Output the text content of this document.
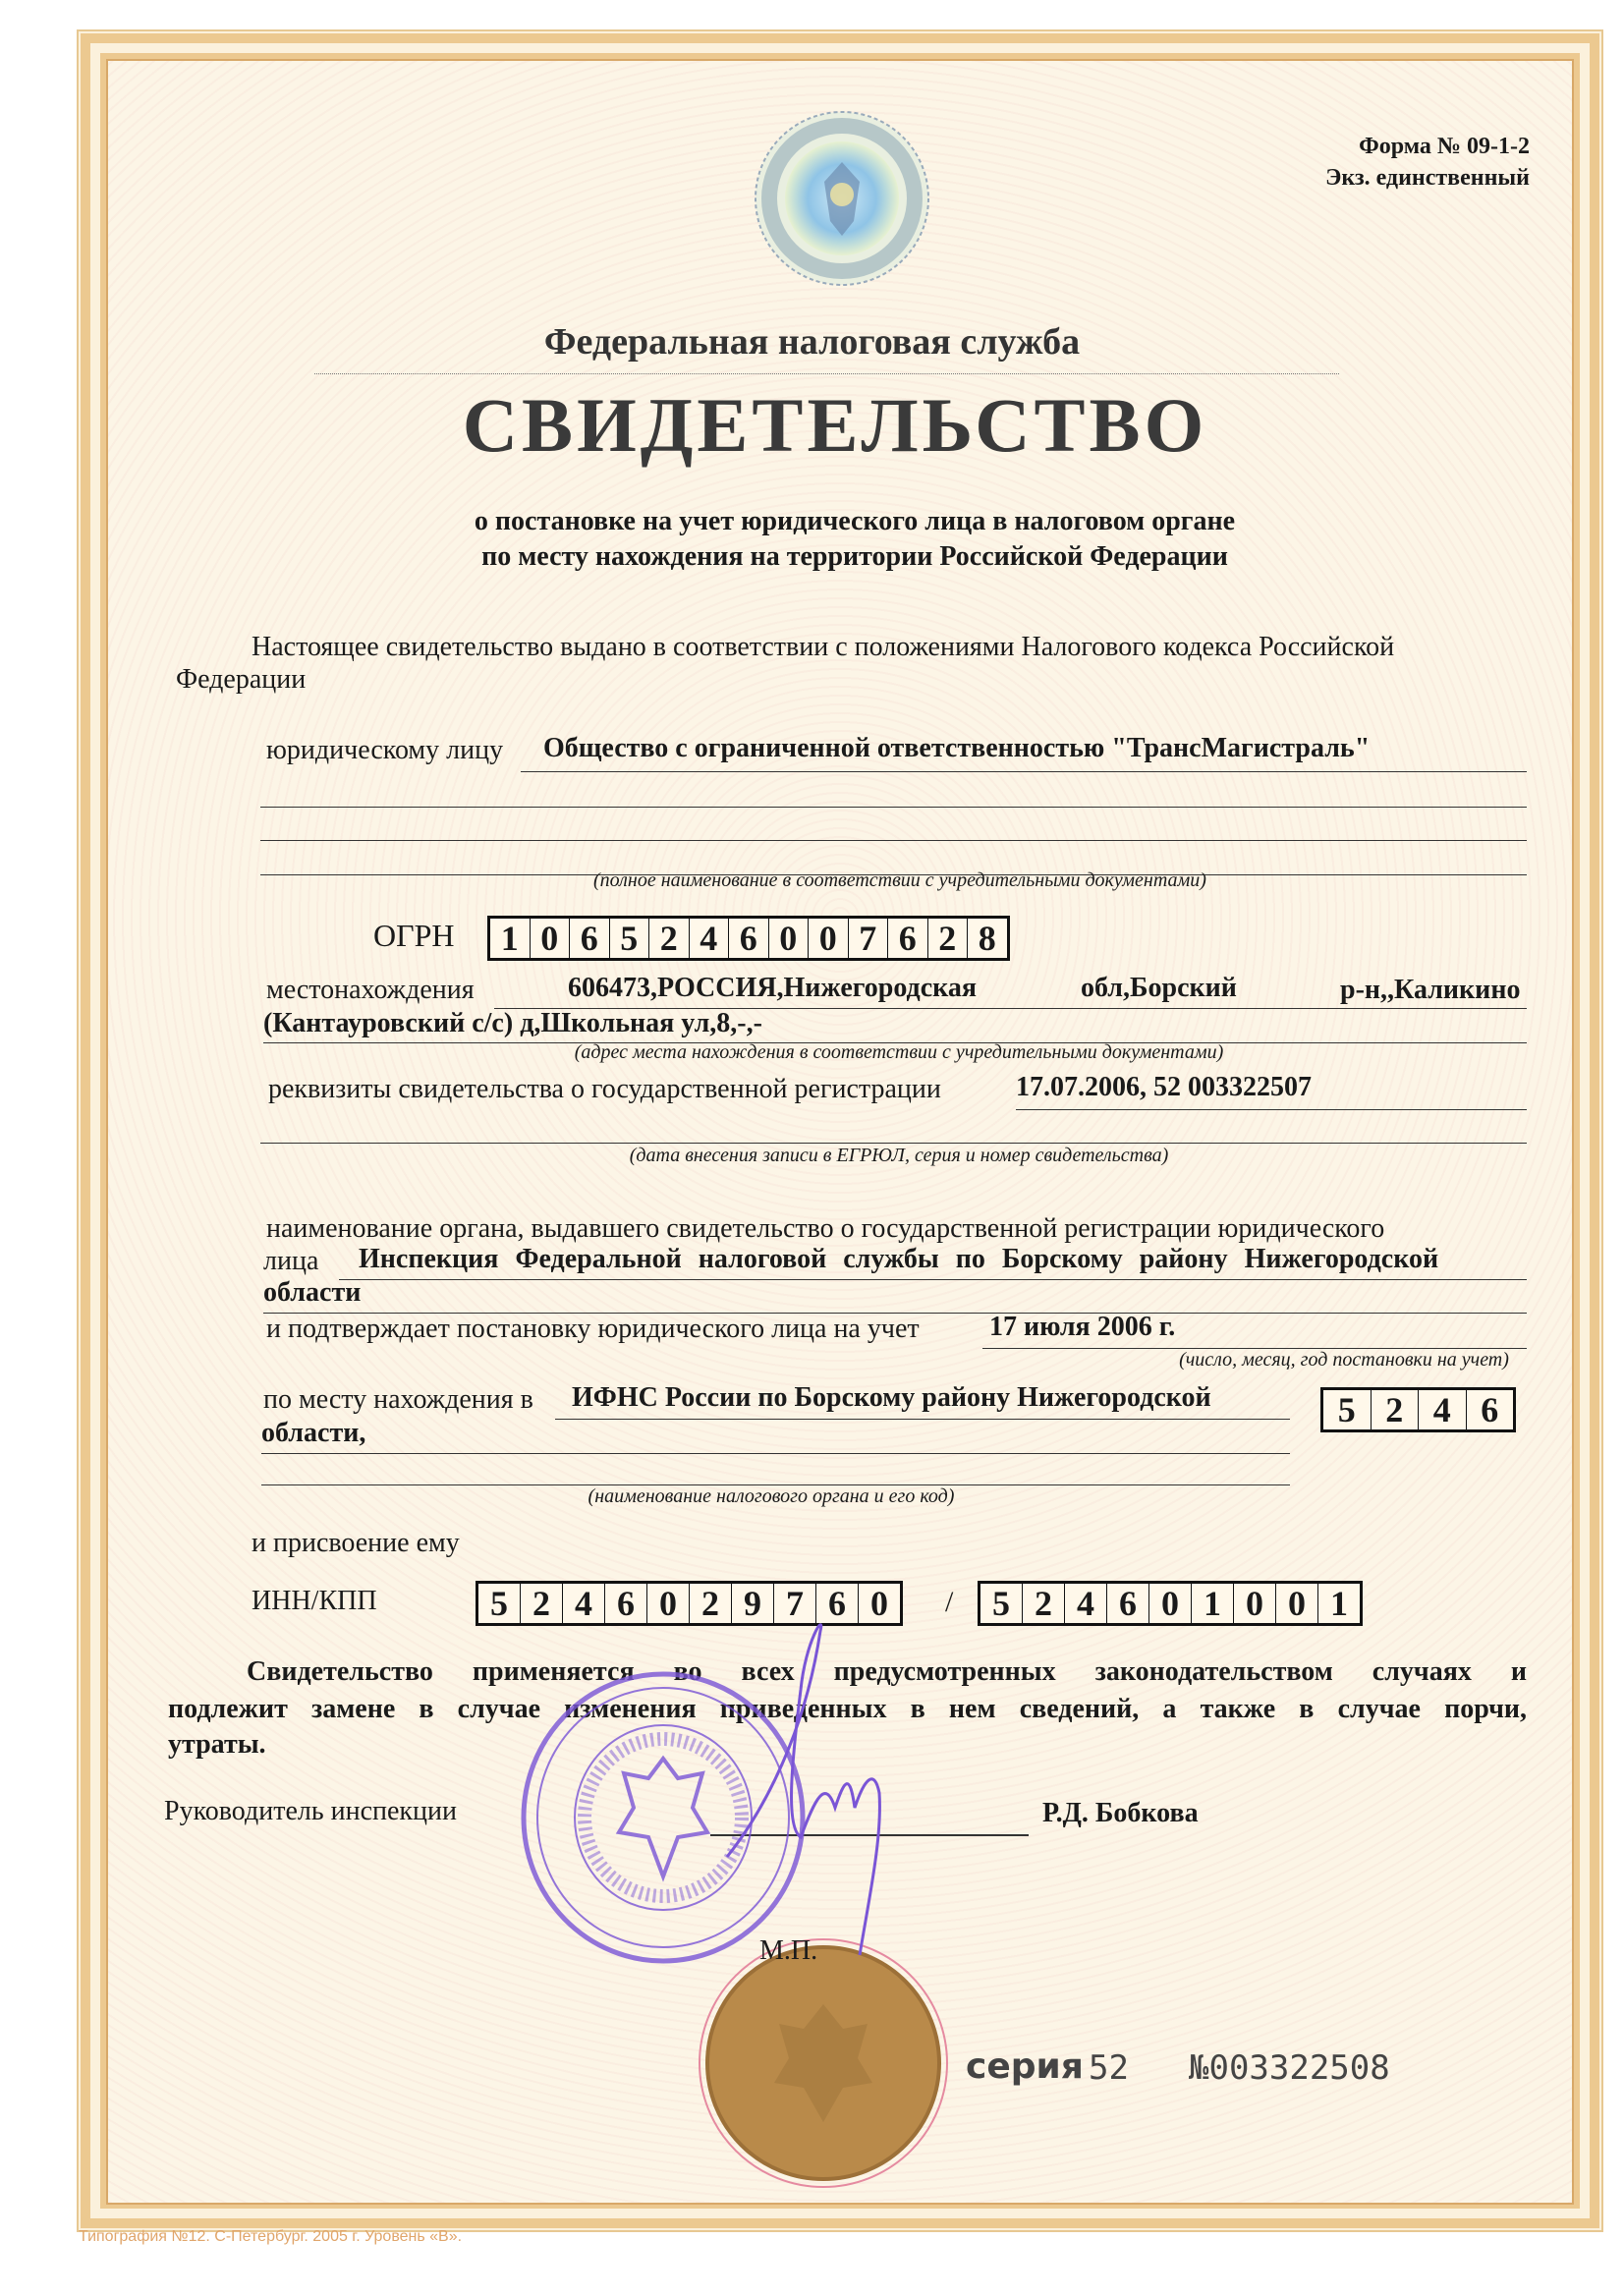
Форма № 09-1-2
Экз. единственный
Федеральная налоговая служба
СВИДЕТЕЛЬСТВО
о постановке на учет юридического лица в налоговом органе
по месту нахождения на территории Российской Федерации
Настоящее свидетельство выдано в соответствии с положениями Налогового кодекса Российской
Федерации
юридическому лицу Общество с ограниченной ответственностью "ТрансМагистраль"
(полное наименование в соответствии с учредительными документами)
ОГРН 1 0 6 5 2 4 6 0 0 7 6 2 8
местонахождения	606473,РОССИЯ,Нижегородская	обл,Борский	р-н,,Каликино
(Кантауровский с/с) д,Школьная ул,8,-,-
(адрес места нахождения в соответствии с учредительными документами)
реквизиты свидетельства о государственной регистрации	17.07.2006, 52 003322507
(дата внесения записи в ЕГРЮЛ, серия и номер свидетельства)
наименование органа, выдавшего свидетельство о государственной регистрации юридического
лица Инспекция Федеральной налоговой службы по Борскому району Нижегородской
области
и подтверждает постановку юридического лица на учет	17 июля 2006 г.
(число, месяц, год постановки на учет)
по месту нахождения в ИФНС России по Борскому району Нижегородской
области,
(наименование налогового органа и его код)
5 2 4 6
и присвоение ему
ИНН/КПП	5 2 4 6 0 2 9 7 6 0	/	5 2 4 6 0 1 0 0 1
Свидетельство применяется во всех предусмотренных законодательством случаях и
подлежит замене в случае изменения приведенных в нем сведений, а также в случае порчи,
утраты.
Руководитель инспекции	Р.Д. Бобкова
М.П.
серия 52 №003322508
Типография №12. С-Петербург. 2005 г. Уровень «В».
